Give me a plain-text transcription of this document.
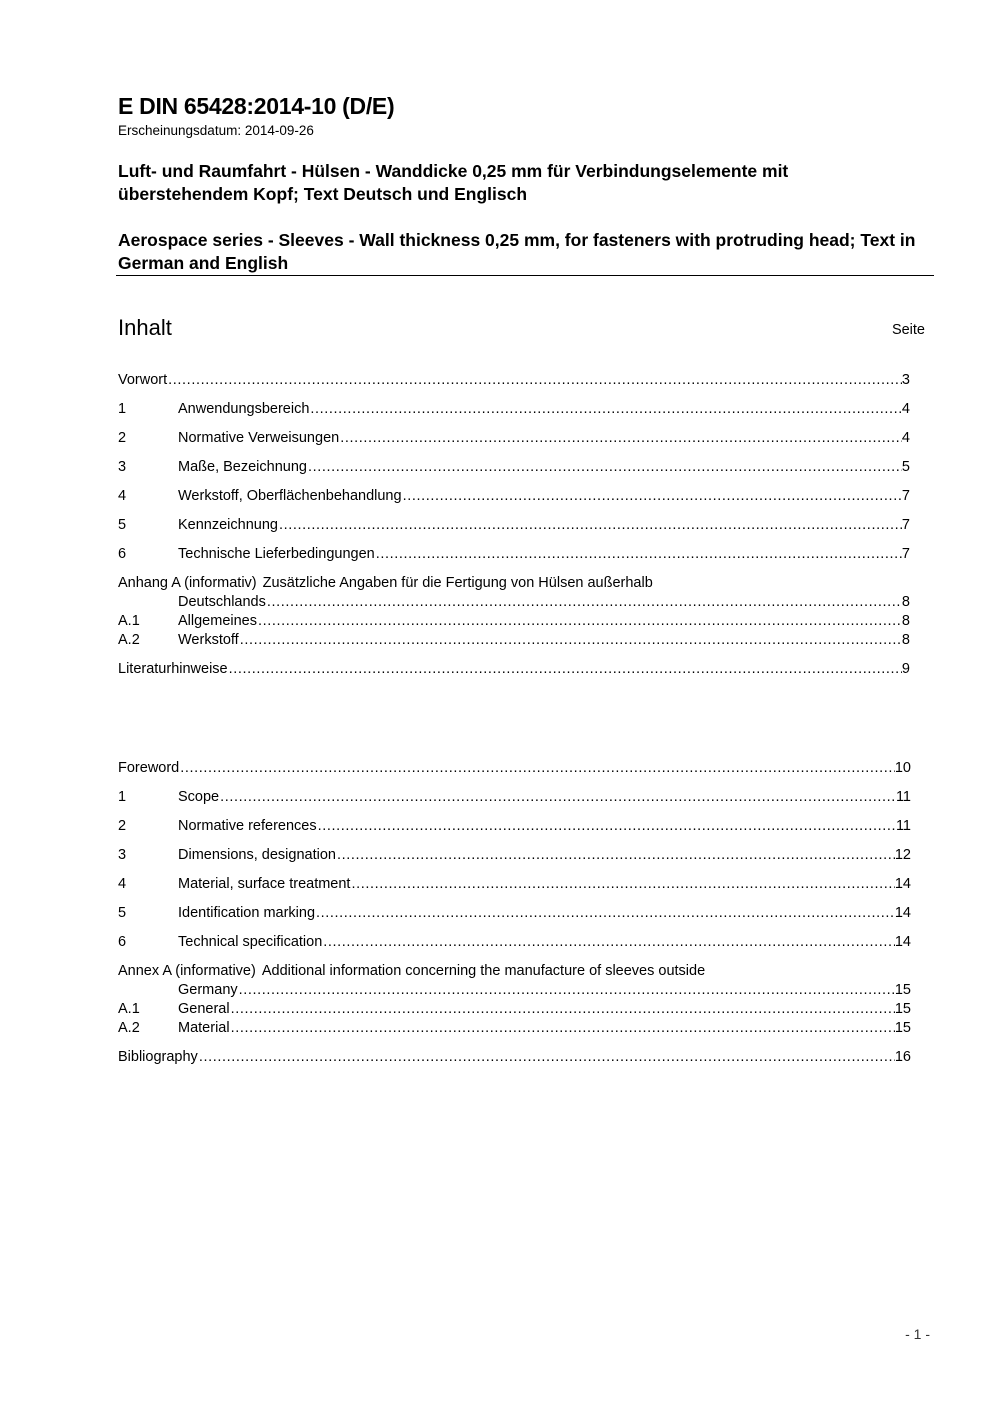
E DIN 65428:2014-10 (D/E)
Erscheinungsdatum: 2014-09-26
Luft- und Raumfahrt - Hülsen - Wanddicke 0,25 mm für Verbindungselemente mit überstehendem Kopf; Text Deutsch und Englisch
Aerospace series - Sleeves - Wall thickness 0,25 mm, for fasteners with protruding head; Text in German and English
Inhalt	Seite
Vorwort .....	3
1	Anwendungsbereich .....	4
2	Normative Verweisungen .....	4
3	Maße, Bezeichnung .....	5
4	Werkstoff, Oberflächenbehandlung .....	7
5	Kennzeichnung .....	7
6	Technische Lieferbedingungen .....	7
Anhang A (informativ) Zusätzliche Angaben für die Fertigung von Hülsen außerhalb
Deutschlands .....	8
A.1	Allgemeines .....	8
A.2	Werkstoff .....	8
Literaturhinweise .....	9
Foreword .....	10
1	Scope .....	11
2	Normative references .....	11
3	Dimensions, designation .....	12
4	Material, surface treatment .....	14
5	Identification marking .....	14
6	Technical specification .....	14
Annex A (informative) Additional information concerning the manufacture of sleeves outside
Germany .....	15
A.1	General .....	15
A.2	Material .....	15
Bibliography .....	16
- 1 -
